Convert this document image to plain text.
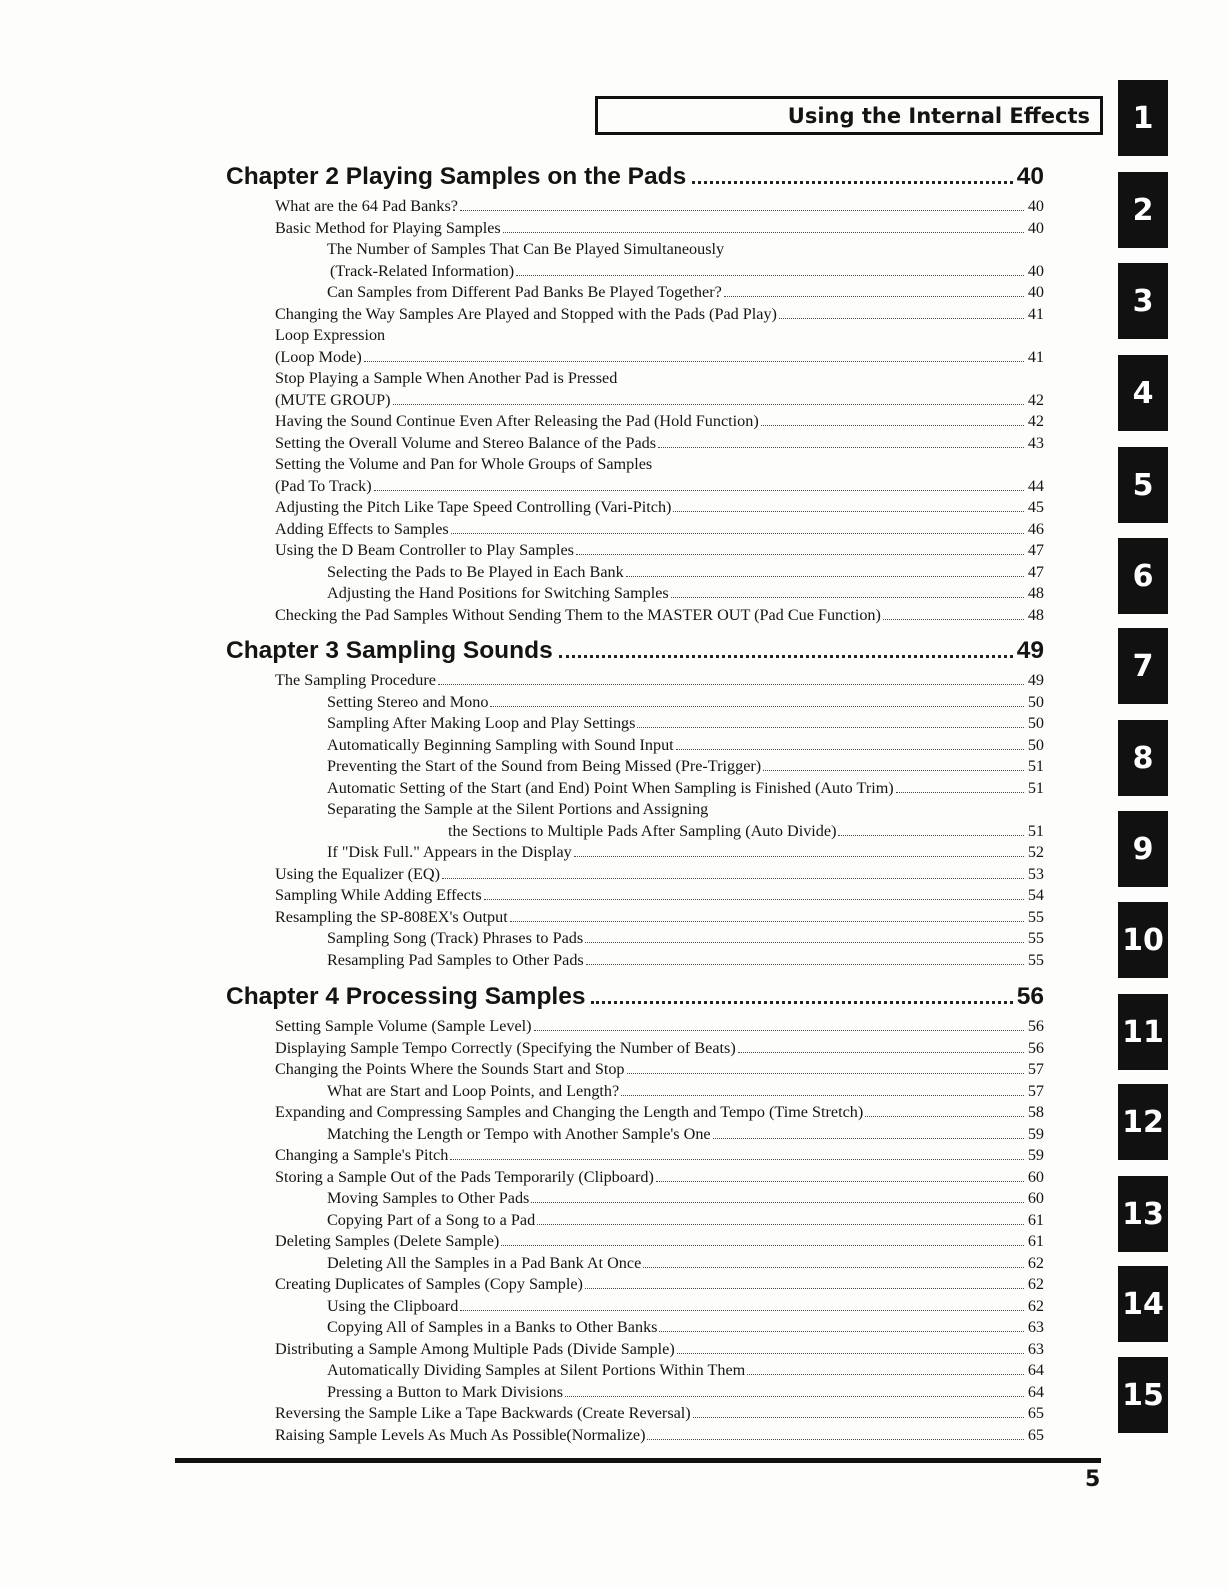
Using the Internal Effects	1
2
3
4
5
6
7
8
9
10
11
12
13
14
15
Chapter 2 Playing Samples on the Pads	40
What are the 64 Pad Banks?	40
Basic Method for Playing Samples	40
The Number of Samples That Can Be Played Simultaneously
(Track-Related Information)	40
Can Samples from Different Pad Banks Be Played Together?	40
Changing the Way Samples Are Played and Stopped with the Pads (Pad Play)	41
Loop Expression
(Loop Mode)	41
Stop Playing a Sample When Another Pad is Pressed
(MUTE GROUP)	42
Having the Sound Continue Even After Releasing the Pad (Hold Function)	42
Setting the Overall Volume and Stereo Balance of the Pads	43
Setting the Volume and Pan for Whole Groups of Samples
(Pad To Track)	44
Adjusting the Pitch Like Tape Speed Controlling (Vari-Pitch)	45
Adding Effects to Samples	46
Using the D Beam Controller to Play Samples	47
Selecting the Pads to Be Played in Each Bank	47
Adjusting the Hand Positions for Switching Samples	48
Checking the Pad Samples Without Sending Them to the MASTER OUT (Pad Cue Function)	48
Chapter 3 Sampling Sounds	49
The Sampling Procedure	49
Setting Stereo and Mono	50
Sampling After Making Loop and Play Settings	50
Automatically Beginning Sampling with Sound Input	50
Preventing the Start of the Sound from Being Missed (Pre-Trigger)	51
Automatic Setting of the Start (and End) Point When Sampling is Finished (Auto Trim)	51
Separating the Sample at the Silent Portions and Assigning
the Sections to Multiple Pads After Sampling (Auto Divide)	51
If "Disk Full." Appears in the Display	52
Using the Equalizer (EQ)	53
Sampling While Adding Effects	54
Resampling the SP-808EX's Output	55
Sampling Song (Track) Phrases to Pads	55
Resampling Pad Samples to Other Pads	55
Chapter 4 Processing Samples	56
Setting Sample Volume (Sample Level)	56
Displaying Sample Tempo Correctly (Specifying the Number of Beats)	56
Changing the Points Where the Sounds Start and Stop	57
What are Start and Loop Points, and Length?	57
Expanding and Compressing Samples and Changing the Length and Tempo (Time Stretch)	58
Matching the Length or Tempo with Another Sample's One	59
Changing a Sample's Pitch	59
Storing a Sample Out of the Pads Temporarily (Clipboard)	60
Moving Samples to Other Pads	60
Copying Part of a Song to a Pad	61
Deleting Samples (Delete Sample)	61
Deleting All the Samples in a Pad Bank At Once	62
Creating Duplicates of Samples (Copy Sample)	62
Using the Clipboard	62
Copying All of Samples in a Banks to Other Banks	63
Distributing a Sample Among Multiple Pads (Divide Sample)	63
Automatically Dividing Samples at Silent Portions Within Them	64
Pressing a Button to Mark Divisions	64
Reversing the Sample Like a Tape Backwards (Create Reversal)	65
Raising Sample Levels As Much As Possible(Normalize)	65
5
